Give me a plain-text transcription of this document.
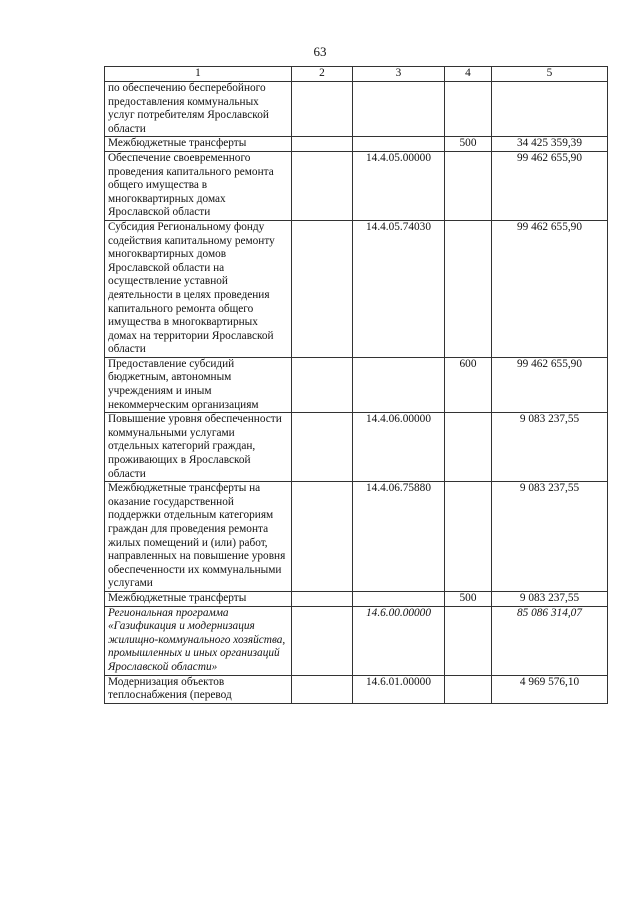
63
1	2	3	4	5
по обеспечению бесперебойного предоставления коммунальных услуг потребителям Ярославской области				
Межбюджетные трансферты			500	34 425 359,39
Обеспечение своевременного проведения капитального ремонта общего имущества в многоквартирных домах Ярославской области		14.4.05.00000		99 462 655,90
Субсидия Региональному фонду содействия капитальному ремонту многоквартирных домов Ярославской области на осуществление уставной деятельности в целях проведения капитального ремонта общего имущества в многоквартирных домах на территории Ярославской области		14.4.05.74030		99 462 655,90
Предоставление субсидий бюджетным, автономным учреждениям и иным некоммерческим организациям			600	99 462 655,90
Повышение уровня обеспеченности коммунальными услугами отдельных категорий граждан, проживающих в Ярославской области		14.4.06.00000		9 083 237,55
Межбюджетные трансферты на оказание государственной поддержки отдельным категориям граждан для проведения ремонта жилых помещений и (или) работ, направленных на повышение уровня обеспеченности их коммунальными услугами		14.4.06.75880		9 083 237,55
Межбюджетные трансферты			500	9 083 237,55
Региональная программа «Газификация и модернизация жилищно-коммунального хозяйства, промышленных и иных организаций Ярославской области»		14.6.00.00000		85 086 314,07
Модернизация объектов теплоснабжения (перевод		14.6.01.00000		4 969 576,10
